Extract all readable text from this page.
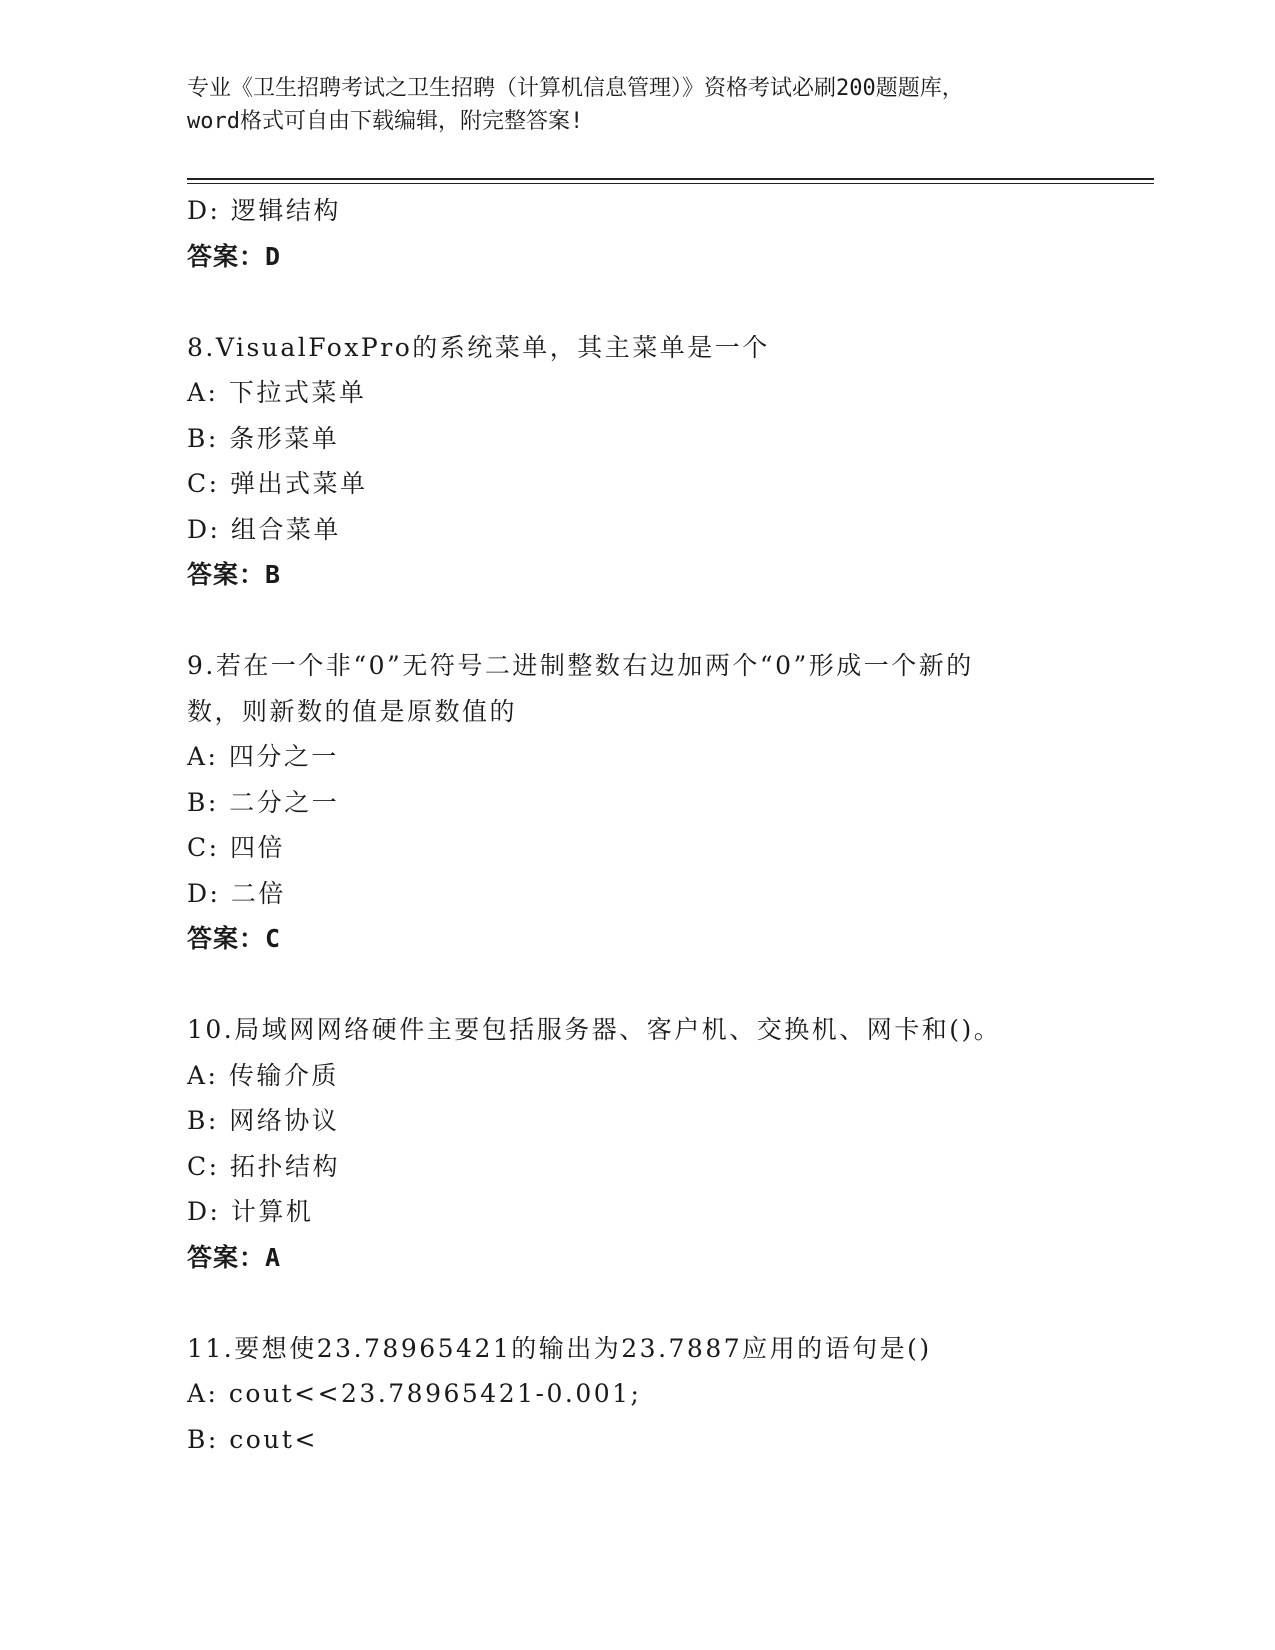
专业《卫生招聘考试之卫生招聘（计算机信息管理）》资格考试必刷200题题库，
word格式可自由下载编辑，附完整答案!
D: 逻辑结构
答案：D
8.VisualFoxPro的系统菜单，其主菜单是一个
A: 下拉式菜单
B: 条形菜单
C: 弹出式菜单
D: 组合菜单
答案：B
9.若在一个非“0”无符号二进制整数右边加两个“0”形成一个新的
数，则新数的值是原数值的
A: 四分之一
B: 二分之一
C: 四倍
D: 二倍
答案：C
10.局域网网络硬件主要包括服务器、客户机、交换机、网卡和()。
A: 传输介质
B: 网络协议
C: 拓扑结构
D: 计算机
答案：A
11.要想使23.78965421的输出为23.7887应用的语句是()
A: cout<<23.78965421-0.001;
B: cout<
